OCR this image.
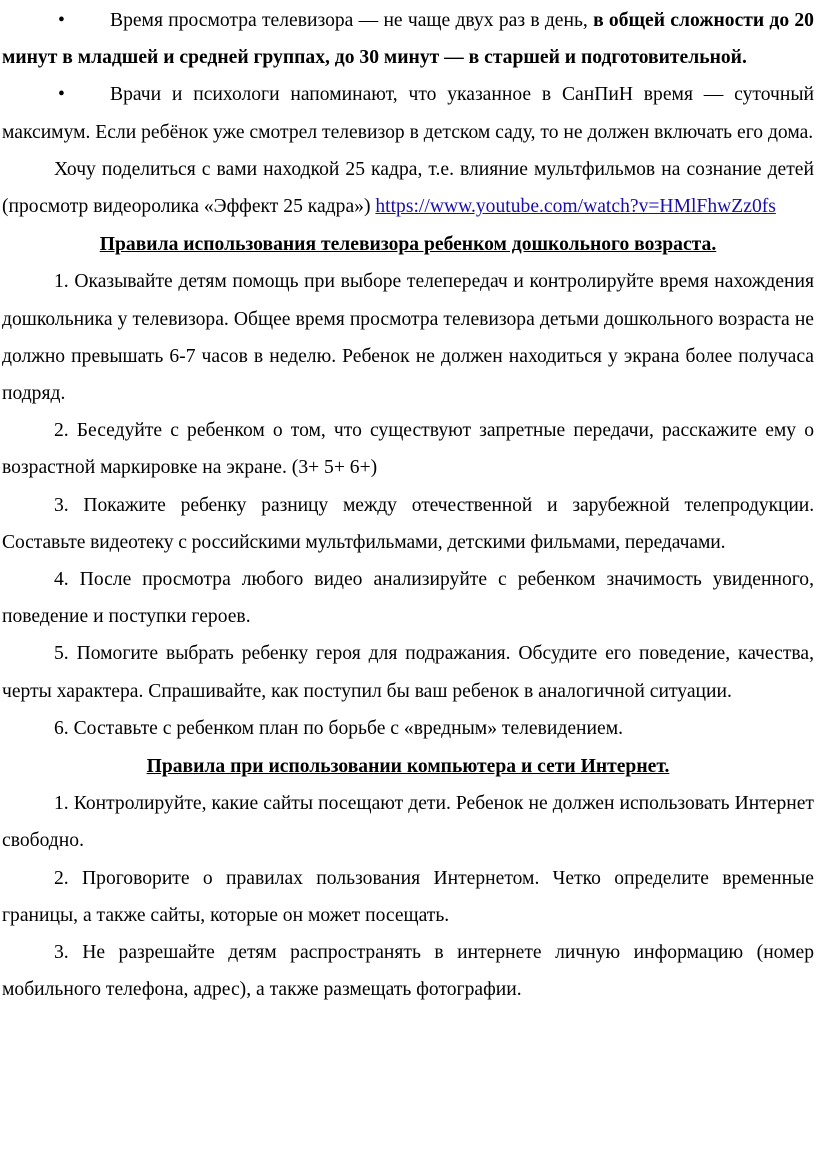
• Время просмотра телевизора — не чаще двух раз в день, в общей сложности до 20 минут в младшей и средней группах, до 30 минут — в старшей и подготовительной.

• Врачи и психологи напоминают, что указанное в СанПиН время — суточный максимум. Если ребёнок уже смотрел телевизор в детском саду, то не должен включать его дома.

Хочу поделиться с вами находкой 25 кадра, т.е. влияние мультфильмов на сознание детей (просмотр видеоролика «Эффект 25 кадра») https://www.youtube.com/watch?v=HMlFhwZz0fs

Правила использования телевизора ребенком дошкольного возраста.

1. Оказывайте детям помощь при выборе телепередач и контролируйте время нахождения дошкольника у телевизора. Общее время просмотра телевизора детьми дошкольного возраста не должно превышать 6-7 часов в неделю. Ребенок не должен находиться у экрана более получаса подряд.

2. Беседуйте с ребенком о том, что существуют запретные передачи, расскажите ему о возрастной маркировке на экране. (3+ 5+ 6+)

3. Покажите ребенку разницу между отечественной и зарубежной телепродукции. Составьте видеотеку с российскими мультфильмами, детскими фильмами, передачами.

4. После просмотра любого видео анализируйте с ребенком значимость увиденного, поведение и поступки героев.

5. Помогите выбрать ребенку героя для подражания. Обсудите его поведение, качества, черты характера. Спрашивайте, как поступил бы ваш ребенок в аналогичной ситуации.

6. Составьте с ребенком план по борьбе с «вредным» телевидением.

Правила при использовании компьютера и сети Интернет.

1. Контролируйте, какие сайты посещают дети. Ребенок не должен использовать Интернет свободно.

2. Проговорите о правилах пользования Интернетом. Четко определите временные границы, а также сайты, которые он может посещать.

3. Не разрешайте детям распространять в интернете личную информацию (номер мобильного телефона, адрес), а также размещать фотографии.
